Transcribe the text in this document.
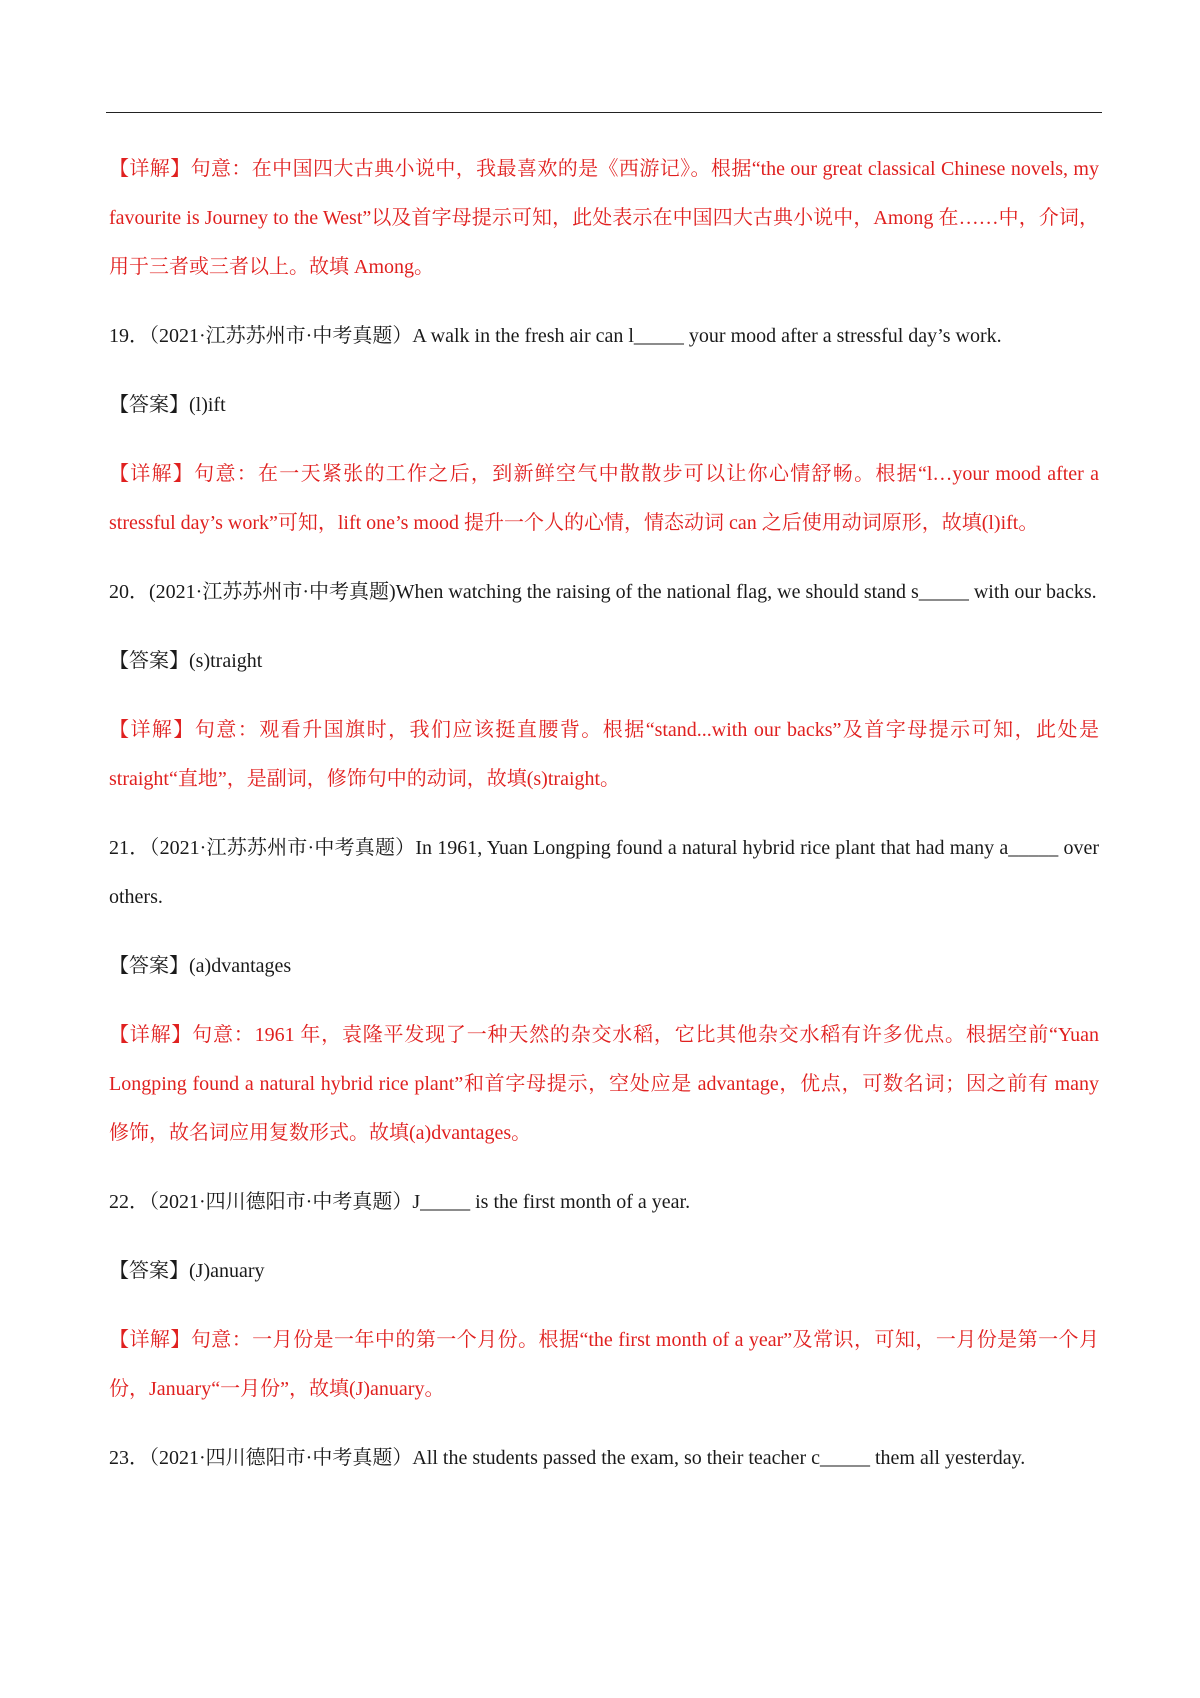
【详解】句意：在中国四大古典小说中，我最喜欢的是《西游记》。根据“the our great classical Chinese novels, my favourite is Journey to the West”以及首字母提示可知，此处表示在中国四大古典小说中，Among 在……中，介词，用于三者或三者以上。故填 Among。

19．（2021·江苏苏州市·中考真题）A walk in the fresh air can l_____ your mood after a stressful day’s work.

【答案】(l)ift

【详解】句意：在一天紧张的工作之后，到新鲜空气中散散步可以让你心情舒畅。根据“l…your mood after a stressful day’s work”可知，lift one’s mood 提升一个人的心情，情态动词 can 之后使用动词原形，故填(l)ift。

20．(2021·江苏苏州市·中考真题)When watching the raising of the national flag, we should stand s_____ with our backs.

【答案】(s)traight

【详解】句意：观看升国旗时，我们应该挺直腰背。根据“stand...with our backs”及首字母提示可知，此处是 straight“直地”，是副词，修饰句中的动词，故填(s)traight。

21．（2021·江苏苏州市·中考真题）In 1961, Yuan Longping found a natural hybrid rice plant that had many a_____ over others.

【答案】(a)dvantages

【详解】句意：1961 年，袁隆平发现了一种天然的杂交水稻，它比其他杂交水稻有许多优点。根据空前“Yuan Longping found a natural hybrid rice plant”和首字母提示，空处应是 advantage，优点，可数名词；因之前有 many 修饰，故名词应用复数形式。故填(a)dvantages。

22．（2021·四川德阳市·中考真题）J_____ is the first month of a year.

【答案】(J)anuary

【详解】句意：一月份是一年中的第一个月份。根据“the first month of a year”及常识，可知，一月份是第一个月份，January“一月份”，故填(J)anuary。

23．（2021·四川德阳市·中考真题）All the students passed the exam, so their teacher c_____ them all yesterday.
